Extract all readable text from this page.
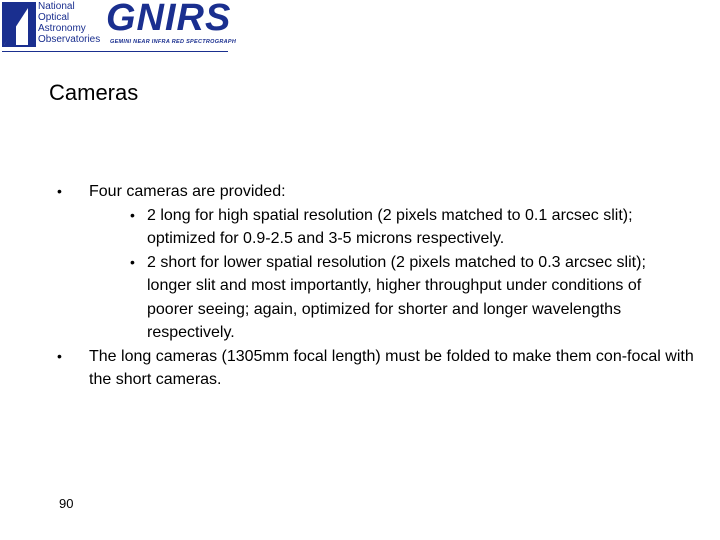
National
Optical
Astronomy
Observatories
GNIRS
GEMINI NEAR INFRA RED SPECTROGRAPH
Cameras
• Four cameras are provided:
• 2 long for high spatial resolution (2 pixels matched to 0.1 arcsec slit); optimized for 0.9-2.5 and 3-5 microns respectively.
• 2 short for lower spatial resolution (2 pixels matched to 0.3 arcsec slit); longer slit and most importantly, higher throughput under conditions of poorer seeing; again, optimized for shorter and longer wavelengths respectively.
• The long cameras (1305mm focal length) must be folded to make them con-focal with the short cameras.
90
